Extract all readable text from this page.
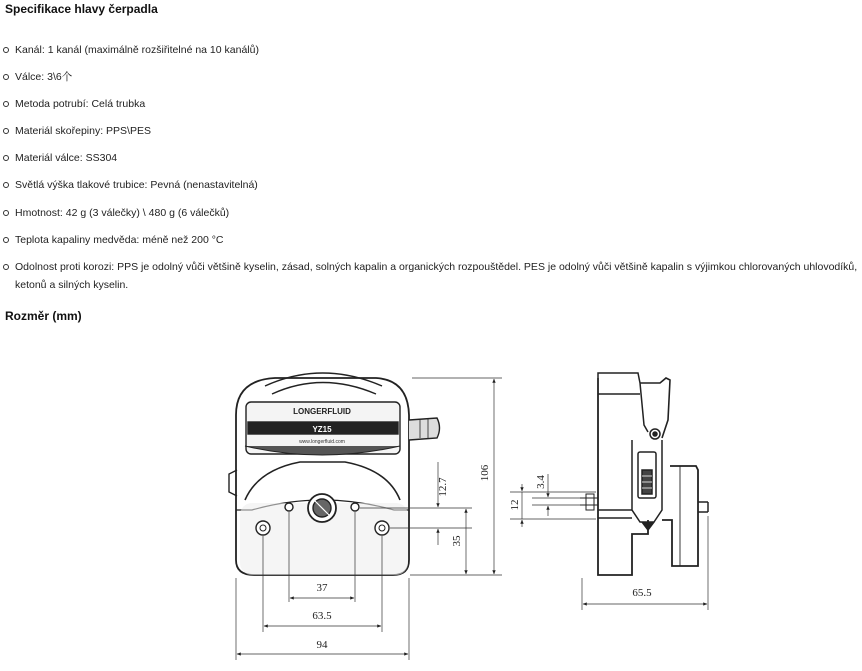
Specifikace hlavy čerpadla
Kanál: 1 kanál (maximálně rozšiřitelné na 10 kanálů)
Válce: 3\6个
Metoda potrubí: Celá trubka
Materiál skořepiny: PPS\PES
Materiál válce: SS304
Světlá výška tlakové trubice: Pevná (nenastavitelná)
Hmotnost: 42 g (3 válečky) \ 480 g (6 válečků)
Teplota kapaliny medvěda: méně než 200 °C
Odolnost proti korozi: PPS je odolný vůči většině kyselin, zásad, solných kapalin a organických rozpouštědel. PES je odolný vůči většině kapalin s výjimkou chlorovaných uhlovodíků, ketonů a silných kyselin.
Rozměr (mm)
LONGERFLUID
YZ15
www.longerfluid.com
37
63.5
94
12.7
35
106
12
3.4
65.5
